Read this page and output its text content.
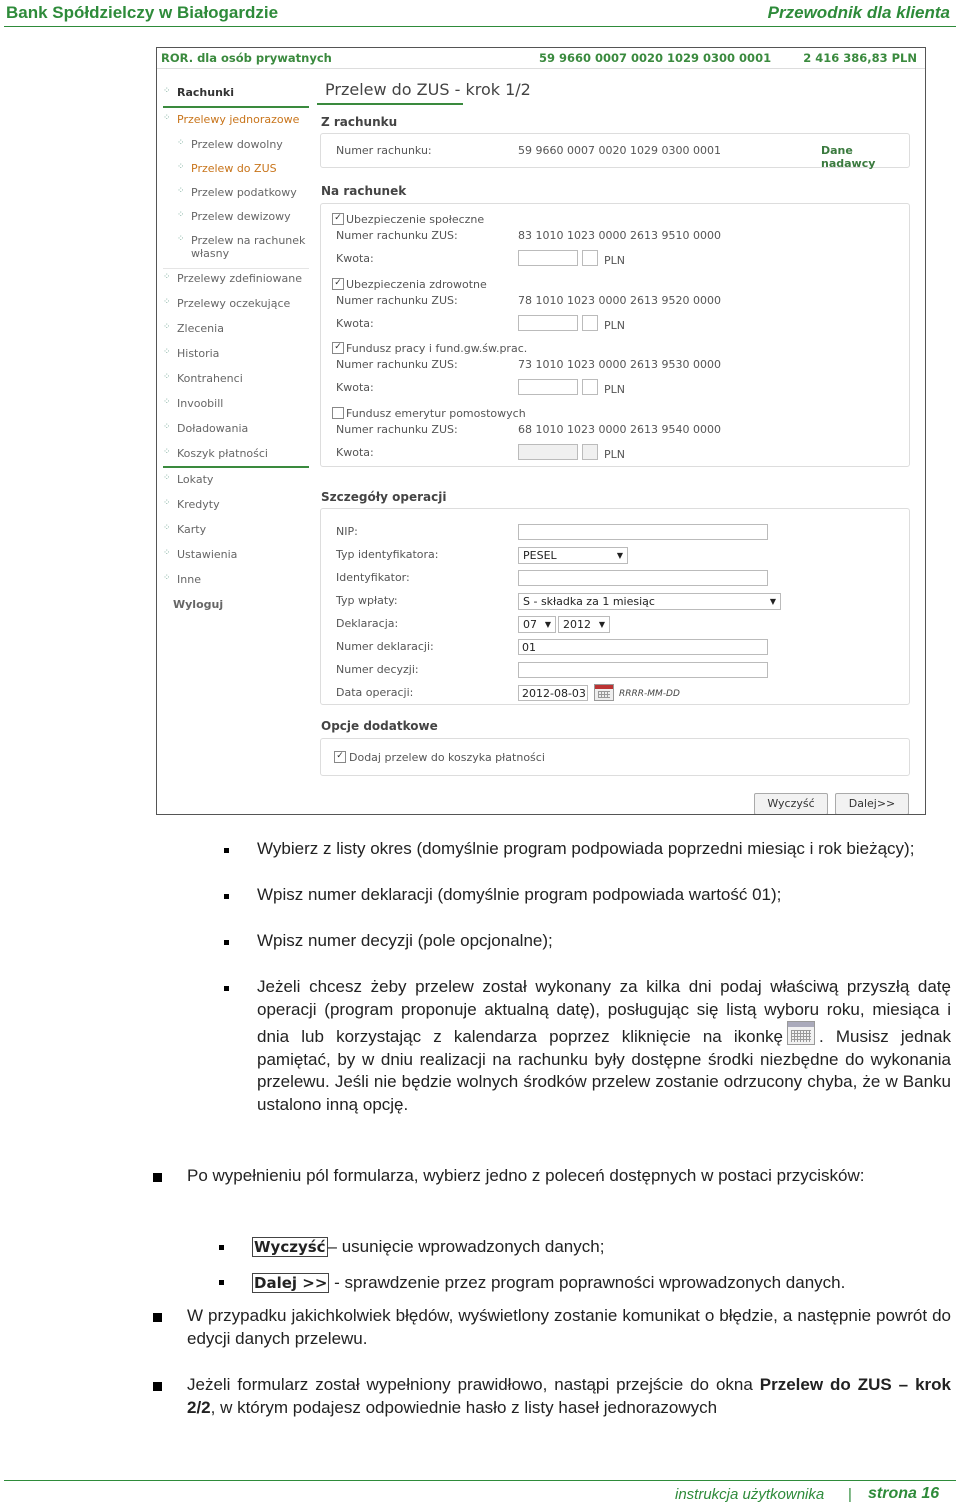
Bank Spółdzielczy w Białogardzie	Przewodnik dla klienta
ROR. dla osób prywatnych	59 9660 0007 0020 1029 0300 0001	2 416 386,83 PLN
⁘ Rachunki
⁘ Przelewy jednorazowe
⁘ Przelew dowolny
⁘ Przelew do ZUS
⁘ Przelew podatkowy
⁘ Przelew dewizowy
⁘ Przelew na rachunek
własny
⁘ Przelewy zdefiniowane
⁘ Przelewy oczekujące
⁘ Zlecenia
⁘ Historia
⁘ Kontrahenci
⁘ Invoobill
⁘ Doładowania
⁘ Koszyk płatności
⁘ Lokaty
⁘ Kredyty
⁘ Karty
⁘ Ustawienia
⁘ Inne
Wyloguj
Przelew do ZUS - krok 1/2
Z rachunku
Numer rachunku:	59 9660 0007 0020 1029 0300 0001	Dane nadawcy
Na rachunek
✓ Ubezpieczenie społeczne
Numer rachunku ZUS:	83 1010 1023 0000 2613 9510 0000
Kwota:	PLN
✓ Ubezpieczenia zdrowotne
Numer rachunku ZUS:	78 1010 1023 0000 2613 9520 0000
Kwota:	PLN
✓ Fundusz pracy i fund.gw.św.prac.
Numer rachunku ZUS:	73 1010 1023 0000 2613 9530 0000
Kwota:	PLN
Fundusz emerytur pomostowych
Numer rachunku ZUS:	68 1010 1023 0000 2613 9540 0000
Kwota:	PLN
Szczegóły operacji
NIP:
Typ identyfikatora:	PESEL	▼
Identyfikator:
Typ wpłaty:	S - składka za 1 miesiąc	▼
Deklaracja:	07 ▼	2012 ▼
Numer deklaracji:	01
Numer decyzji:
Data operacji:	2012-08-03	RRRR-MM-DD
Opcje dodatkowe
✓ Dodaj przelew do koszyka płatności
Wyczyść	Dalej>>
Wybierz z listy okres (domyślnie program podpowiada poprzedni miesiąc i rok bieżący);
Wpisz numer deklaracji (domyślnie program podpowiada wartość 01);
Wpisz numer decyzji (pole opcjonalne);
Jeżeli chcesz żeby przelew został wykonany za kilka dni podaj właściwą przyszłą datę operacji (program proponuje aktualną datę), posługując się listą wyboru roku, miesiąca i dnia lub korzystając z kalendarza poprzez kliknięcie na ikonkę . Musisz jednak pamiętać, by w dniu realizacji na rachunku były dostępne środki niezbędne do wykonania przelewu. Jeśli nie będzie wolnych środków przelew zostanie odrzucony chyba, że w Banku ustalono inną opcję.
Po wypełnieniu pól formularza, wybierz jedno z poleceń dostępnych w postaci przycisków:
Wyczyść – usunięcie wprowadzonych danych;
Dalej >> - sprawdzenie przez program poprawności wprowadzonych danych.
W przypadku jakichkolwiek błędów, wyświetlony zostanie komunikat o błędzie, a następnie powrót do edycji danych przelewu.
Jeżeli formularz został wypełniony prawidłowo, nastąpi przejście do okna Przelew do ZUS – krok 2/2, w którym podajesz odpowiednie hasło z listy haseł jednorazowych
instrukcja użytkownika | strona 16
